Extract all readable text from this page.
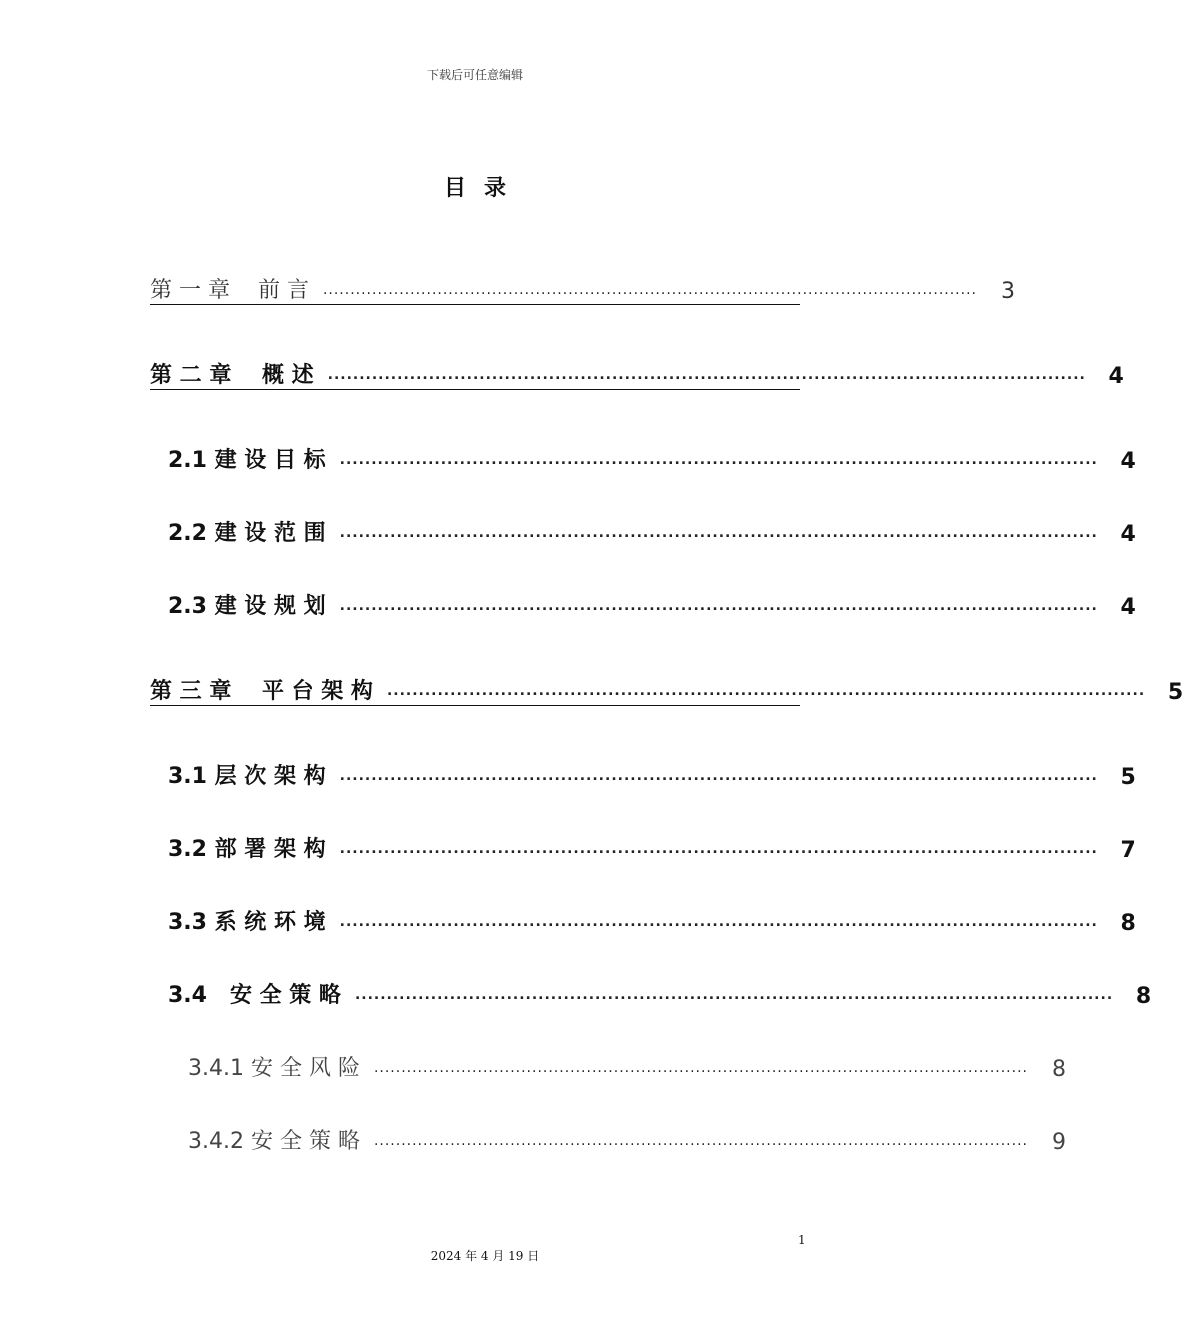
下载后可任意编辑
目录
第 一 章    前 言 ........................................................................................................................ 3
第 二 章    概 述 ........................................................................................................................ 4
2.1 建 设 目 标 ........................................................................................................................ 4
2.2 建 设 范 围 ........................................................................................................................ 4
2.3 建 设 规 划 ........................................................................................................................ 4
第 三 章    平 台 架 构 ........................................................................................................................ 5
3.1 层 次 架 构 ........................................................................................................................ 5
3.2 部 署 架 构 ........................................................................................................................ 7
3.3 系 统 环 境 ........................................................................................................................ 8
3.4   安 全 策 略 ........................................................................................................................ 8
3.4.1 安 全 风 险 ........................................................................................................................ 8
3.4.2 安 全 策 略 ........................................................................................................................ 9
1
2024 年 4 月 19 日
